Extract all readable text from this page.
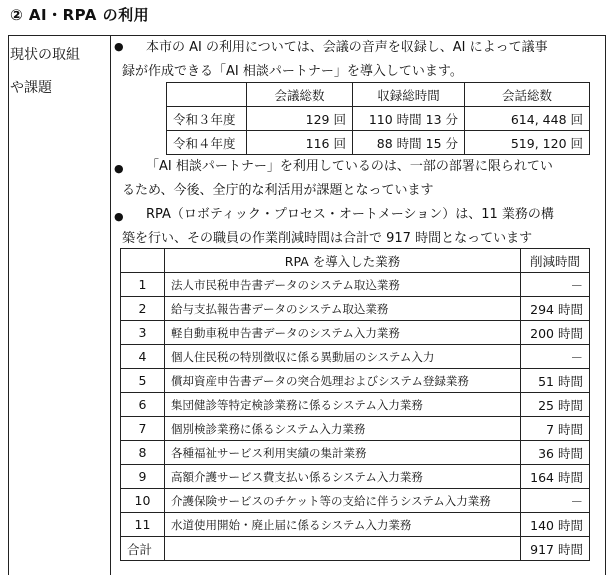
② AI・RPA の利用
現状の取組
や課題
● 本市の AI の利用については、会議の音声を収録し、AI によって議事
録が作成できる「AI 相談パートナー」を導入しています。
	会議総数	収録総時間	会話総数
令和３年度	129 回	110 時間 13 分	614, 448 回
令和４年度	116 回	88 時間 15 分	519, 120 回
● 「AI 相談パートナー」を利用しているのは、一部の部署に限られてい
るため、今後、全庁的な利活用が課題となっています
● RPA（ロボティック・プロセス・オートメーション）は、11 業務の構
築を行い、その職員の作業削減時間は合計で 917 時間となっています
	RPA を導入した業務	削減時間
1	法人市民税申告書データのシステム取込業務	－
2	給与支払報告書データのシステム取込業務	294 時間
3	軽自動車税申告書データのシステム入力業務	200 時間
4	個人住民税の特別徴収に係る異動届のシステム入力	－
5	償却資産申告書データの突合処理およびシステム登録業務	51 時間
6	集団健診等特定検診業務に係るシステム入力業務	25 時間
7	個別検診業務に係るシステム入力業務	7 時間
8	各種福祉サービス利用実績の集計業務	36 時間
9	高額介護サービス費支払い係るシステム入力業務	164 時間
10	介護保険サービスのチケット等の支給に伴うシステム入力業務	－
11	水道使用開始・廃止届に係るシステム入力業務	140 時間
合計		917 時間
